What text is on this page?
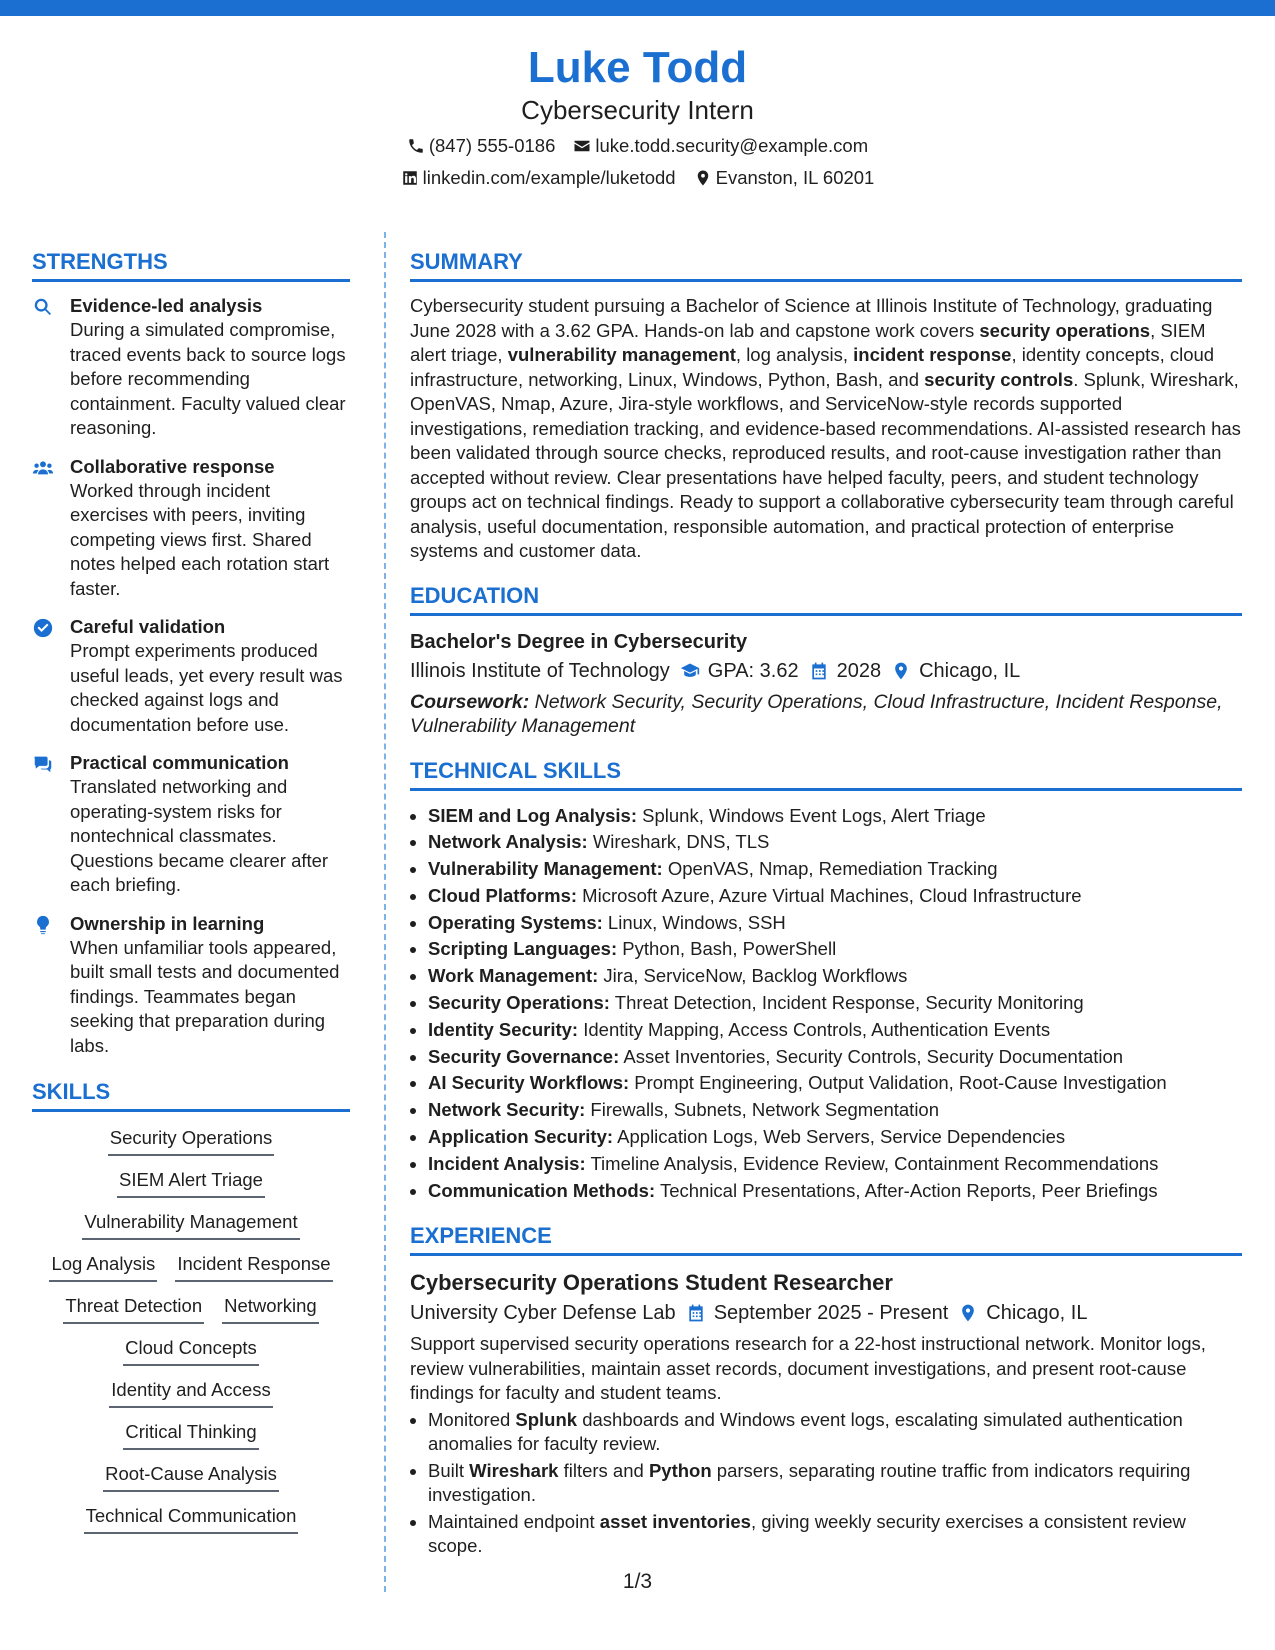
Luke Todd
Cybersecurity Intern
(847) 555-0186 luke.todd.security@example.com
linkedin.com/example/luketodd Evanston, IL 60201
STRENGTHS
Evidence-led analysis
During a simulated compromise, traced events back to source logs before recommending containment. Faculty valued clear reasoning.
Collaborative response
Worked through incident exercises with peers, inviting competing views first. Shared notes helped each rotation start faster.
Careful validation
Prompt experiments produced useful leads, yet every result was checked against logs and documentation before use.
Practical communication
Translated networking and operating-system risks for nontechnical classmates. Questions became clearer after each briefing.
Ownership in learning
When unfamiliar tools appeared, built small tests and documented findings. Teammates began seeking that preparation during labs.
SKILLS
Security Operations
SIEM Alert Triage
Vulnerability Management
Log Analysis Incident Response
Threat Detection Networking
Cloud Concepts
Identity and Access
Critical Thinking
Root-Cause Analysis
Technical Communication
SUMMARY

Cybersecurity student pursuing a Bachelor of Science at Illinois Institute of Technology, graduating June 2028 with a 3.62 GPA. Hands-on lab and capstone work covers security operations, SIEM alert triage, vulnerability management, log analysis, incident response, identity concepts, cloud infrastructure, networking, Linux, Windows, Python, Bash, and security controls. Splunk, Wireshark, OpenVAS, Nmap, Azure, Jira-style workflows, and ServiceNow-style records supported investigations, remediation tracking, and evidence-based recommendations. AI-assisted research has been validated through source checks, reproduced results, and root-cause investigation rather than accepted without review. Clear presentations have helped faculty, peers, and student technology groups act on technical findings. Ready to support a collaborative cybersecurity team through careful analysis, useful documentation, responsible automation, and practical protection of enterprise systems and customer data.

EDUCATION
Bachelor's Degree in Cybersecurity
Illinois Institute of Technology GPA: 3.62 2028 Chicago, IL
Coursework: Network Security, Security Operations, Cloud Infrastructure, Incident Response, Vulnerability Management
TECHNICAL SKILLS
• SIEM and Log Analysis: Splunk, Windows Event Logs, Alert Triage
• Network Analysis: Wireshark, DNS, TLS
• Vulnerability Management: OpenVAS, Nmap, Remediation Tracking
• Cloud Platforms: Microsoft Azure, Azure Virtual Machines, Cloud Infrastructure
• Operating Systems: Linux, Windows, SSH
• Scripting Languages: Python, Bash, PowerShell
• Work Management: Jira, ServiceNow, Backlog Workflows
• Security Operations: Threat Detection, Incident Response, Security Monitoring
• Identity Security: Identity Mapping, Access Controls, Authentication Events
• Security Governance: Asset Inventories, Security Controls, Security Documentation
• AI Security Workflows: Prompt Engineering, Output Validation, Root-Cause Investigation
• Network Security: Firewalls, Subnets, Network Segmentation
• Application Security: Application Logs, Web Servers, Service Dependencies
• Incident Analysis: Timeline Analysis, Evidence Review, Containment Recommendations
• Communication Methods: Technical Presentations, After-Action Reports, Peer Briefings
EXPERIENCE
Cybersecurity Operations Student Researcher
University Cyber Defense Lab September 2025 - Present Chicago, IL
Support supervised security operations research for a 22-host instructional network. Monitor logs, review vulnerabilities, maintain asset records, document investigations, and present root-cause findings for faculty and student teams.
• Monitored Splunk dashboards and Windows event logs, escalating simulated authentication anomalies for faculty review.
• Built Wireshark filters and Python parsers, separating routine traffic from indicators requiring investigation.
• Maintained endpoint asset inventories, giving weekly security exercises a consistent review scope.
1/3
